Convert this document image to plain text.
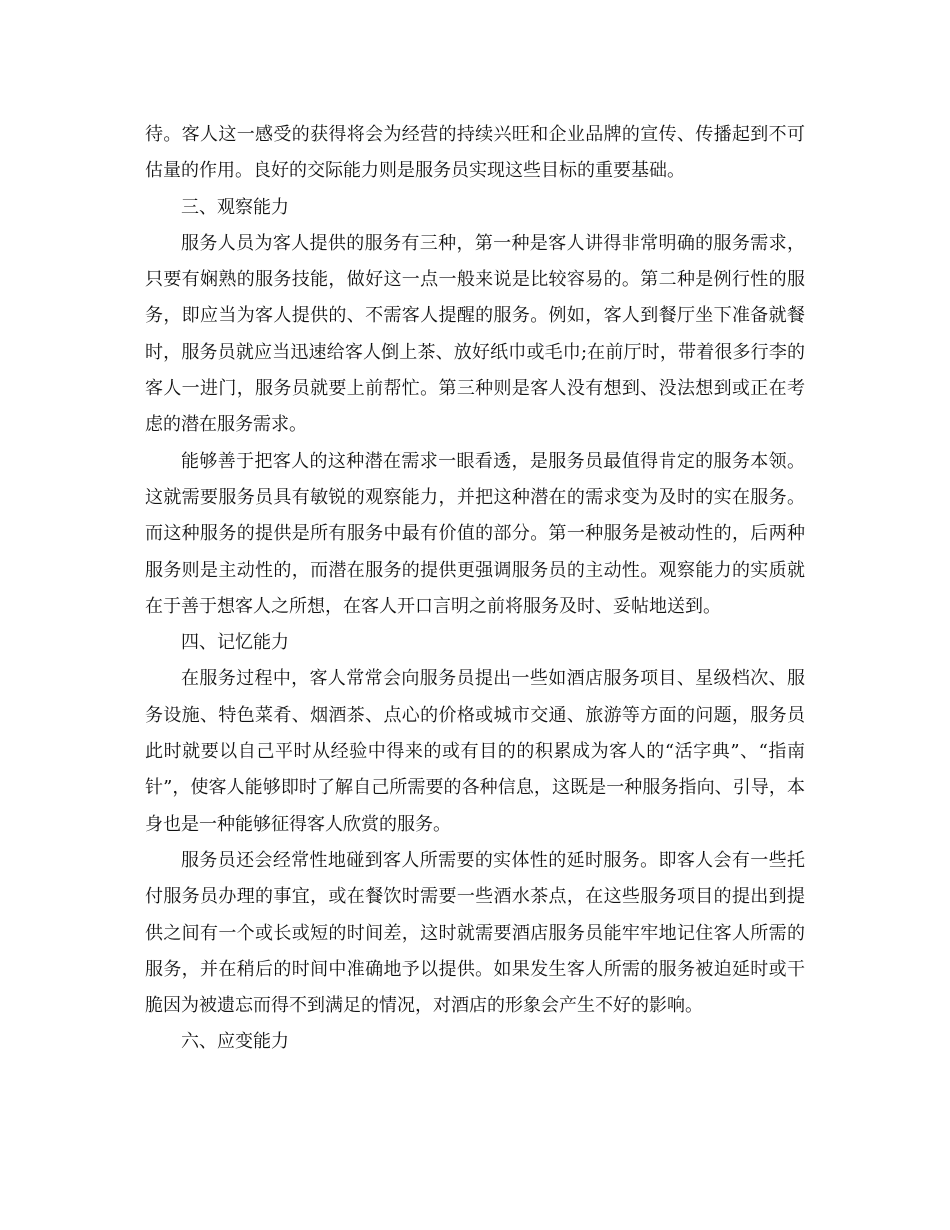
待。客人这一感受的获得将会为经营的持续兴旺和企业品牌的宣传、传播起到不可估量的作用。良好的交际能力则是服务员实现这些目标的重要基础。

三、观察能力

服务人员为客人提供的服务有三种，第一种是客人讲得非常明确的服务需求，只要有娴熟的服务技能，做好这一点一般来说是比较容易的。第二种是例行性的服务，即应当为客人提供的、不需客人提醒的服务。例如，客人到餐厅坐下准备就餐时，服务员就应当迅速给客人倒上茶、放好纸巾或毛巾;在前厅时，带着很多行李的客人一进门，服务员就要上前帮忙。第三种则是客人没有想到、没法想到或正在考虑的潜在服务需求。

能够善于把客人的这种潜在需求一眼看透，是服务员最值得肯定的服务本领。这就需要服务员具有敏锐的观察能力，并把这种潜在的需求变为及时的实在服务。而这种服务的提供是所有服务中最有价值的部分。第一种服务是被动性的，后两种服务则是主动性的，而潜在服务的提供更强调服务员的主动性。观察能力的实质就在于善于想客人之所想，在客人开口言明之前将服务及时、妥帖地送到。

四、记忆能力

在服务过程中，客人常常会向服务员提出一些如酒店服务项目、星级档次、服务设施、特色菜肴、烟酒茶、点心的价格或城市交通、旅游等方面的问题，服务员此时就要以自己平时从经验中得来的或有目的的积累成为客人的“活字典”、“指南针”，使客人能够即时了解自己所需要的各种信息，这既是一种服务指向、引导，本身也是一种能够征得客人欣赏的服务。

服务员还会经常性地碰到客人所需要的实体性的延时服务。即客人会有一些托付服务员办理的事宜，或在餐饮时需要一些酒水茶点，在这些服务项目的提出到提供之间有一个或长或短的时间差，这时就需要酒店服务员能牢牢地记住客人所需的服务，并在稍后的时间中准确地予以提供。如果发生客人所需的服务被迫延时或干脆因为被遗忘而得不到满足的情况，对酒店的形象会产生不好的影响。

六、应变能力
